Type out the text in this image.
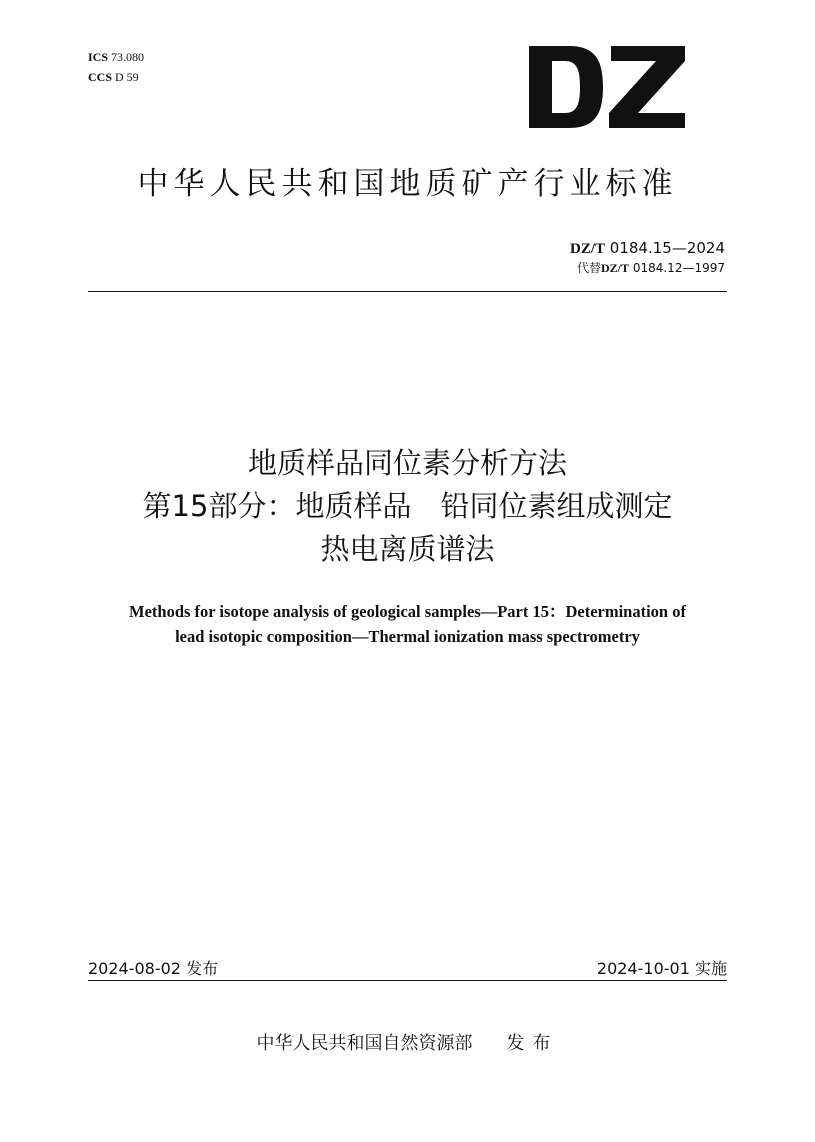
ICS 73.080
CCS D 59
中华人民共和国地质矿产行业标准
DZ/T 0184.15—2024
代替DZ/T 0184.12—1997
地质样品同位素分析方法
第15部分：地质样品　铅同位素组成测定
热电离质谱法
Methods for isotope analysis of geological samples—Part 15：Determination of
lead isotopic composition—Thermal ionization mass spectrometry
2024-08-02 发布	2024-10-01 实施
中华人民共和国自然资源部 发布
